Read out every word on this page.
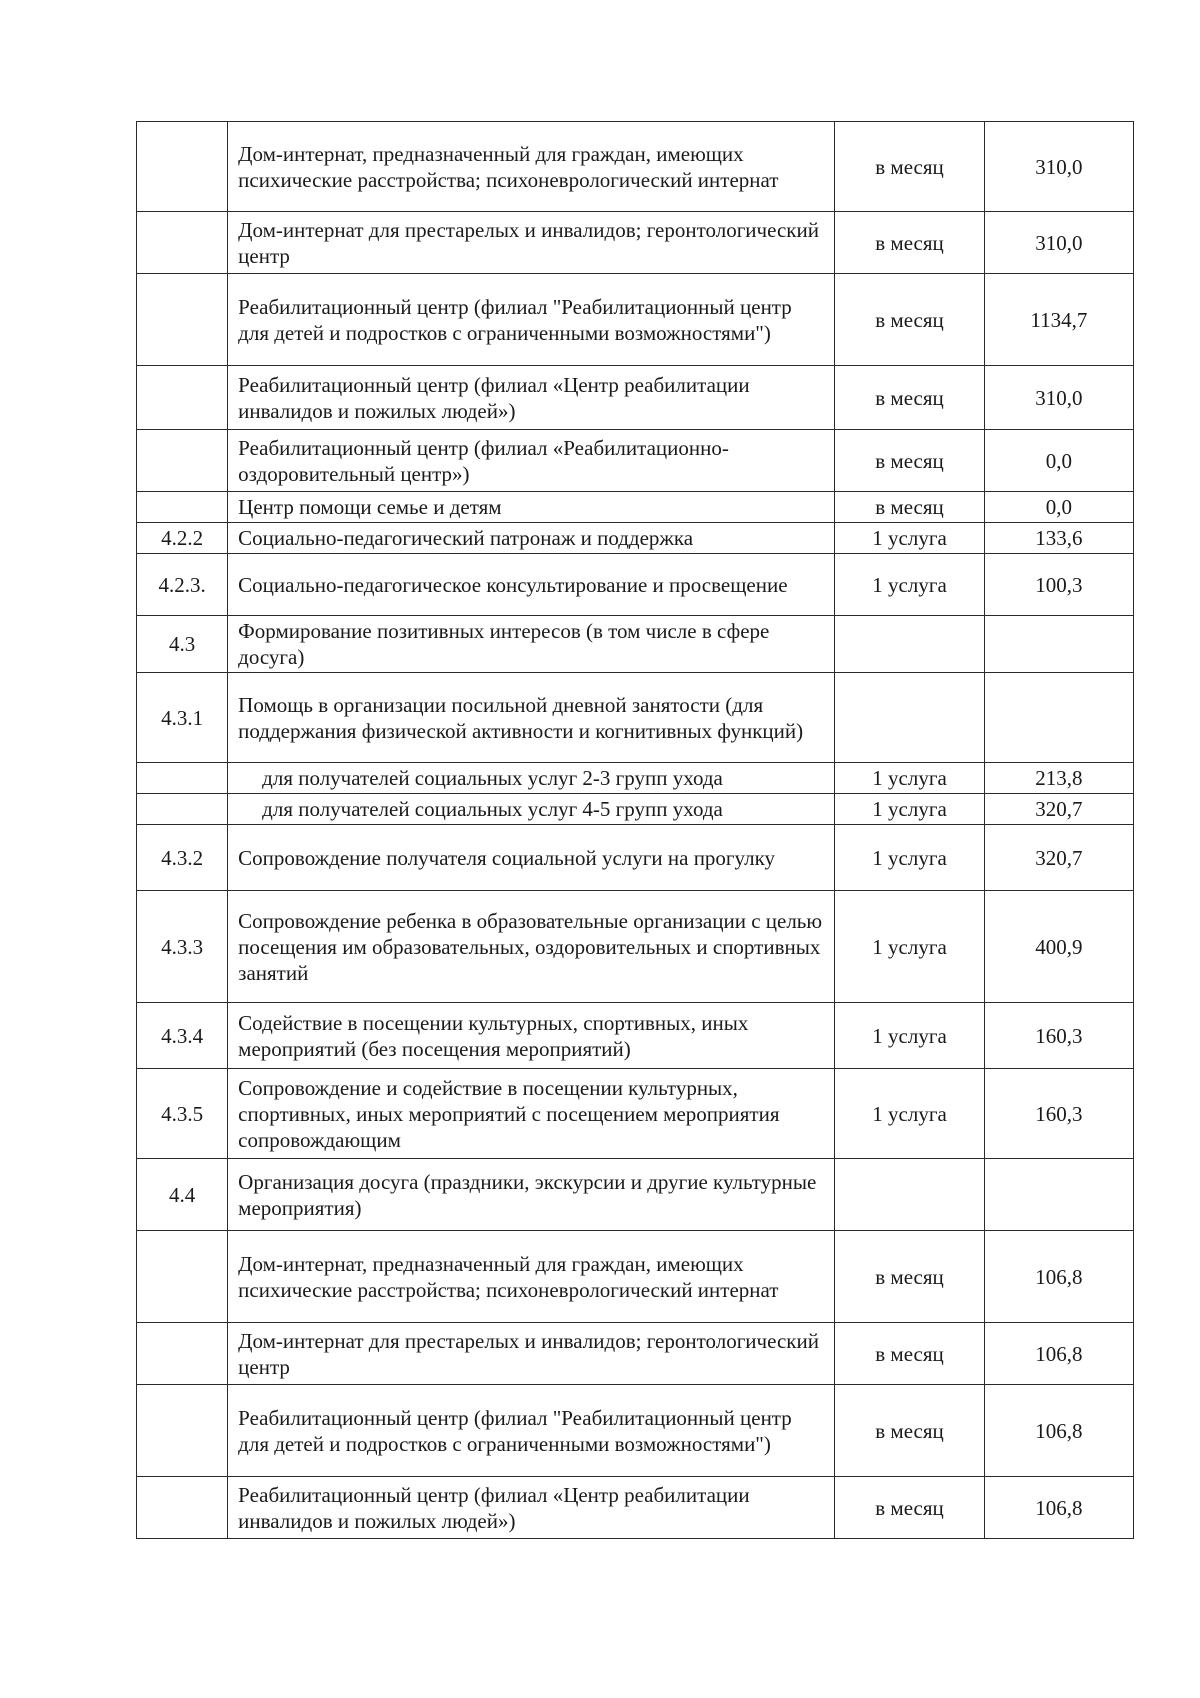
	Дом-интернат, предназначенный для граждан, имеющих психические расстройства; психоневрологический интернат	в месяц	310,0
	Дом-интернат для престарелых и инвалидов; геронтологический центр	в месяц	310,0
	Реабилитационный центр (филиал "Реабилитационный центр для детей и подростков с ограниченными возможностями")	в месяц	1134,7
	Реабилитационный центр (филиал «Центр реабилитации инвалидов и пожилых людей»)	в месяц	310,0
	Реабилитационный центр (филиал «Реабилитационно-оздоровительный центр»)	в месяц	0,0
	Центр помощи семье и детям	в месяц	0,0
4.2.2	Социально-педагогический патронаж и поддержка	1 услуга	133,6
4.2.3.	Социально-педагогическое консультирование и просвещение	1 услуга	100,3
4.3	Формирование позитивных интересов (в том числе в сфере досуга)		
4.3.1	Помощь в организации посильной дневной занятости (для поддержания физической активности и когнитивных функций)		
	для получателей социальных услуг 2-3 групп ухода	1 услуга	213,8
	для получателей социальных услуг 4-5 групп ухода	1 услуга	320,7
4.3.2	Сопровождение получателя социальной услуги на прогулку	1 услуга	320,7
4.3.3	Сопровождение ребенка в образовательные организации с целью посещения им образовательных, оздоровительных и спортивных занятий	1 услуга	400,9
4.3.4	Содействие в посещении культурных, спортивных, иных мероприятий (без посещения мероприятий)	1 услуга	160,3
4.3.5	Сопровождение и содействие в посещении культурных, спортивных, иных мероприятий с посещением мероприятия сопровождающим	1 услуга	160,3
4.4	Организация досуга (праздники, экскурсии и другие культурные мероприятия)		
	Дом-интернат, предназначенный для граждан, имеющих психические расстройства; психоневрологический интернат	в месяц	106,8
	Дом-интернат для престарелых и инвалидов; геронтологический центр	в месяц	106,8
	Реабилитационный центр (филиал "Реабилитационный центр для детей и подростков с ограниченными возможностями")	в месяц	106,8
	Реабилитационный центр (филиал «Центр реабилитации инвалидов и пожилых людей»)	в месяц	106,8
